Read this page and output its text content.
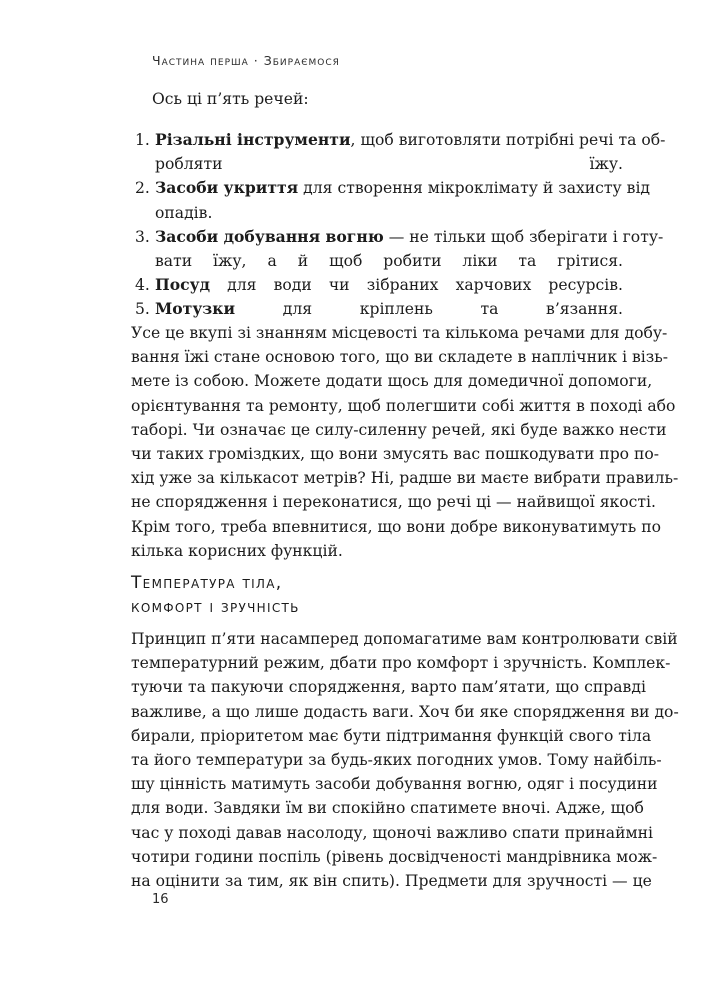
Частина перша · Збираємося
Ось ці п’ять речей:
1. Різальні інструменти, щоб виготовляти потрібні речі та об-
робляти їжу.
2. Засоби укриття для створення мікроклімату й захисту від
опадів.
3. Засоби добування вогню — не тільки щоб зберігати і готу-
вати їжу, а й щоб робити ліки та грітися.
4. Посуд для води чи зібраних харчових ресурсів.
5. Мотузки для кріплень та в’язання.
Усе це вкупі зі знанням місцевості та кількома речами для добу-
вання їжі стане основою того, що ви складете в наплічник і візь-
мете із собою. Можете додати щось для домедичної допомоги,
орієнтування та ремонту, щоб полегшити собі життя в поході або
таборі. Чи означає це силу-силенну речей, які буде важко нести
чи таких громіздких, що вони змусять вас пошкодувати про по-
хід уже за кількасот метрів? Ні, радше ви маєте вибрати правиль-
не спорядження і переконатися, що речі ці — найвищої якості.
Крім того, треба впевнитися, що вони добре виконуватимуть по
кілька корисних функцій.
Температура тіла,
комфорт і зручність
Принцип п’яти насамперед допомагатиме вам контролювати свій
температурний режим, дбати про комфорт і зручність. Комплек-
туючи та пакуючи спорядження, варто пам’ятати, що справді
важливе, а що лише додасть ваги. Хоч би яке спорядження ви до-
бирали, пріоритетом має бути підтримання функцій свого тіла
та його температури за будь-яких погодних умов. Тому найбіль-
шу цінність матимуть засоби добування вогню, одяг і посудини
для води. Завдяки їм ви спокійно спатимете вночі. Адже, щоб
час у поході давав насолоду, щоночі важливо спати принаймні
чотири години поспіль (рівень досвідченості мандрівника мож-
на оцінити за тим, як він спить). Предмети для зручності — це
16
